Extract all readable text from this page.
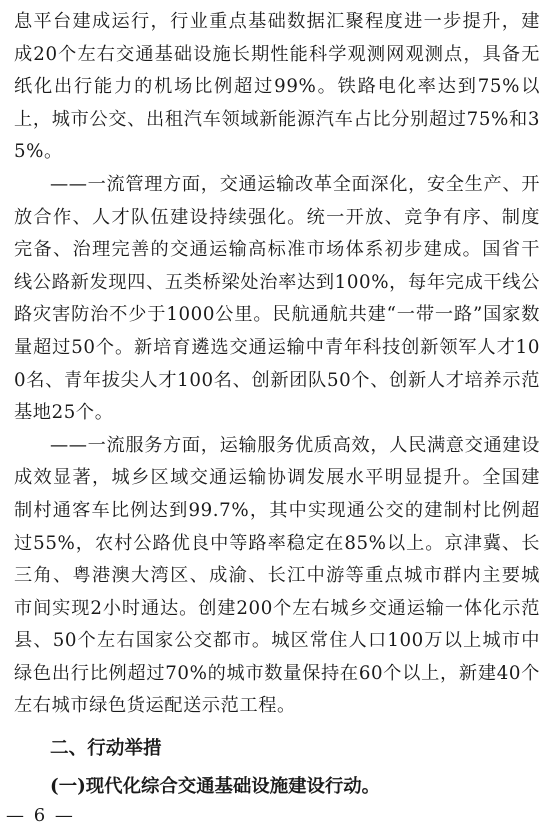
息平台建成运行，行业重点基础数据汇聚程度进一步提升，建成20个左右交通基础设施长期性能科学观测网观测点，具备无纸化出行能力的机场比例超过99%。铁路电化率达到75%以上，城市公交、出租汽车领域新能源汽车占比分别超过75%和35%。

——一流管理方面，交通运输改革全面深化，安全生产、开放合作、人才队伍建设持续强化。统一开放、竞争有序、制度完备、治理完善的交通运输高标准市场体系初步建成。国省干线公路新发现四、五类桥梁处治率达到100%，每年完成干线公路灾害防治不少于1000公里。民航通航共建“一带一路”国家数量超过50个。新培育遴选交通运输中青年科技创新领军人才100名、青年拔尖人才100名、创新团队50个、创新人才培养示范基地25个。

——一流服务方面，运输服务优质高效，人民满意交通建设成效显著，城乡区域交通运输协调发展水平明显提升。全国建制村通客车比例达到99.7%，其中实现通公交的建制村比例超过55%，农村公路优良中等路率稳定在85%以上。京津冀、长三角、粤港澳大湾区、成渝、长江中游等重点城市群内主要城市间实现2小时通达。创建200个左右城乡交通运输一体化示范县、50个左右国家公交都市。城区常住人口100万以上城市中绿色出行比例超过70%的城市数量保持在60个以上，新建40个左右城市绿色货运配送示范工程。

二、行动举措
(一)现代化综合交通基础设施建设行动。
— 6 —
